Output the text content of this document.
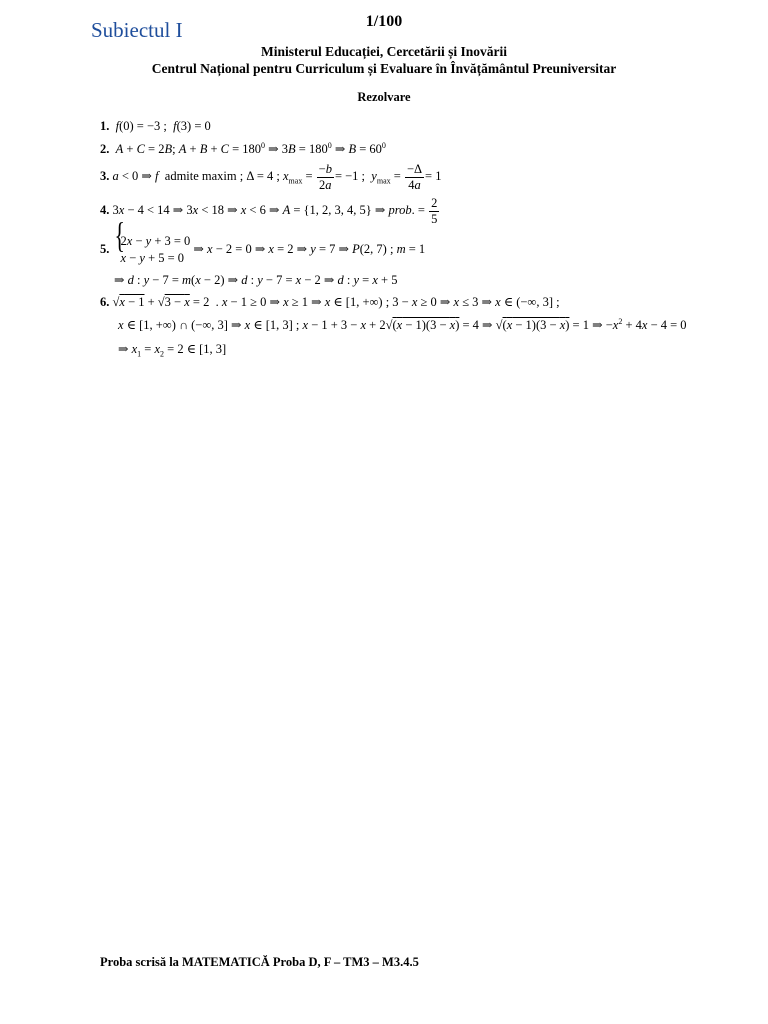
Subiectul I	1/100
Ministerul Educației, Cercetării și Inovării
Centrul Național pentru Curriculum și Evaluare în Învățământul Preuniversitar
Rezolvare
1. f(0) = −3 ;  f(3) = 0
2. A + C = 2B; $A + B + C = 180^0$ ⇒ $3B = 180^0$ ⇒ $B = 60^0$
3. a < 0 ⇒ f admite maxim ; Δ = 4 ; $x_{max} = \frac{-b}{2a} = -1$ ;  $y_{max} = \frac{-\Delta}{4a} = 1$
4. 3x − 4 < 14 ⇒ 3x < 18 ⇒ x < 6 ⇒ A = {1, 2, 3, 4, 5} ⇒ prob. = $\frac{2}{5}$
5. { 2x − y + 3 = 0
x − y + 5 = 0 ⇒ x − 2 = 0 ⇒ x = 2 ⇒ y = 7 ⇒ P(2, 7) ; m = 1
⇒ d : y − 7 = m(x − 2) ⇒ d : y − 7 = x − 2 ⇒ d : y = x + 5
6. √x − 1 + √3 − x = 2  . x − 1 ≥ 0 ⇒ x ≥ 1 ⇒ x ∈ [1, +∞) ; 3 − x ≥ 0 ⇒ x ≤ 3 ⇒ x ∈ (−∞, 3] ;
x ∈ [1, +∞) ∩ (−∞, 3] ⇒ x ∈ [1, 3] ; x − 1 + 3 − x + 2√(x − 1)(3 − x) = 4 ⇒ √(x − 1)(3 − x) = 1 ⇒ $-x^2 + 4x - 4 = 0$
⇒ $x_1 = x_2 = 2$ ∈ [1, 3]
Proba scrisă la MATEMATICĂ Proba D, F – TM3 – M3.4.5
